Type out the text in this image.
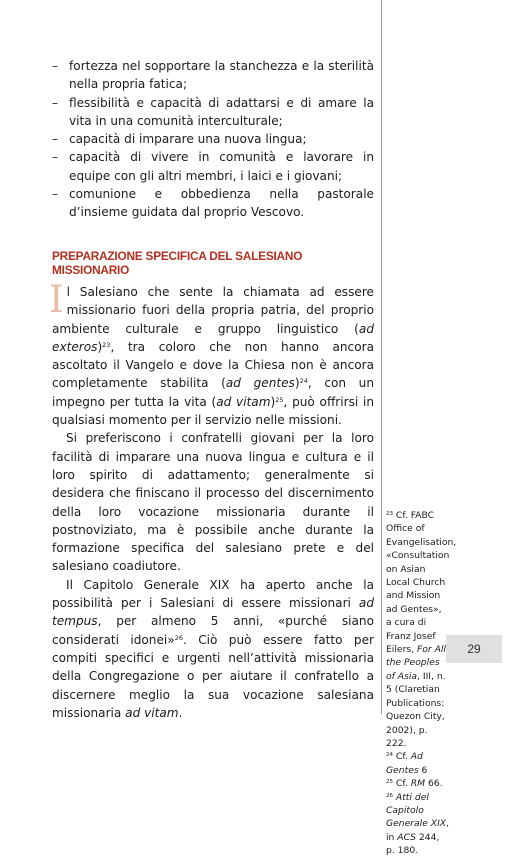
– fortezza nel sopportare la stanchezza e la sterilità nella propria fatica;
– flessibilità e capacità di adattarsi e di amare la vita in una comunità interculturale;
– capacità di imparare una nuova lingua;
– capacità di vivere in comunità e lavorare in equipe con gli altri membri, i laici e i giovani;
– comunione e obbedienza nella pastorale d’insieme guidata dal proprio Vescovo.
PREPARAZIONE SPECIFICA DEL SALESIANO MISSIONARIO

Il Salesiano che sente la chiamata ad essere missionario fuori della propria patria, del proprio ambiente culturale e gruppo linguistico (ad exteros)$^{23}$, tra coloro che non hanno ancora ascoltato il Vangelo e dove la Chiesa non è ancora completamente stabilita (ad gentes)$^{24}$, con un impegno per tutta la vita (ad vitam)$^{25}$, può offrirsi in qualsiasi momento per il servizio nelle missioni.

Si preferiscono i confratelli giovani per la loro facilità di imparare una nuova lingua e cultura e il loro spirito di adattamento; generalmente si desidera che finiscano il processo del discernimento della loro vocazione missionaria durante il postnoviziato, ma è possibile anche durante la formazione specifica del salesiano prete e del salesiano coadiutore.

Il Capitolo Generale XIX ha aperto anche la possibilità per i Salesiani di essere missionari ad tempus, per almeno 5 anni, «purché siano considerati idonei»$^{26}$. Ciò può essere fatto per compiti specifici e urgenti nell’attività missionaria della Congregazione o per aiutare il confratello a discernere meglio la sua vocazione salesiana missionaria ad vitam.

$^{23}$ Cf. FABC Office of Evangelisation, «Consultation on Asian Local Church and Mission ad Gentes», a cura di Franz Josef Eilers, For All the Peoples of Asia, III, n. 5 (Claretian Publications: Quezon City, 2002), p. 222.

$^{24}$ Cf. Ad Gentes 6

$^{25}$ Cf. RM 66.

$^{26}$ Atti del Capitolo Generale XIX, in ACS 244, p. 180.

29
